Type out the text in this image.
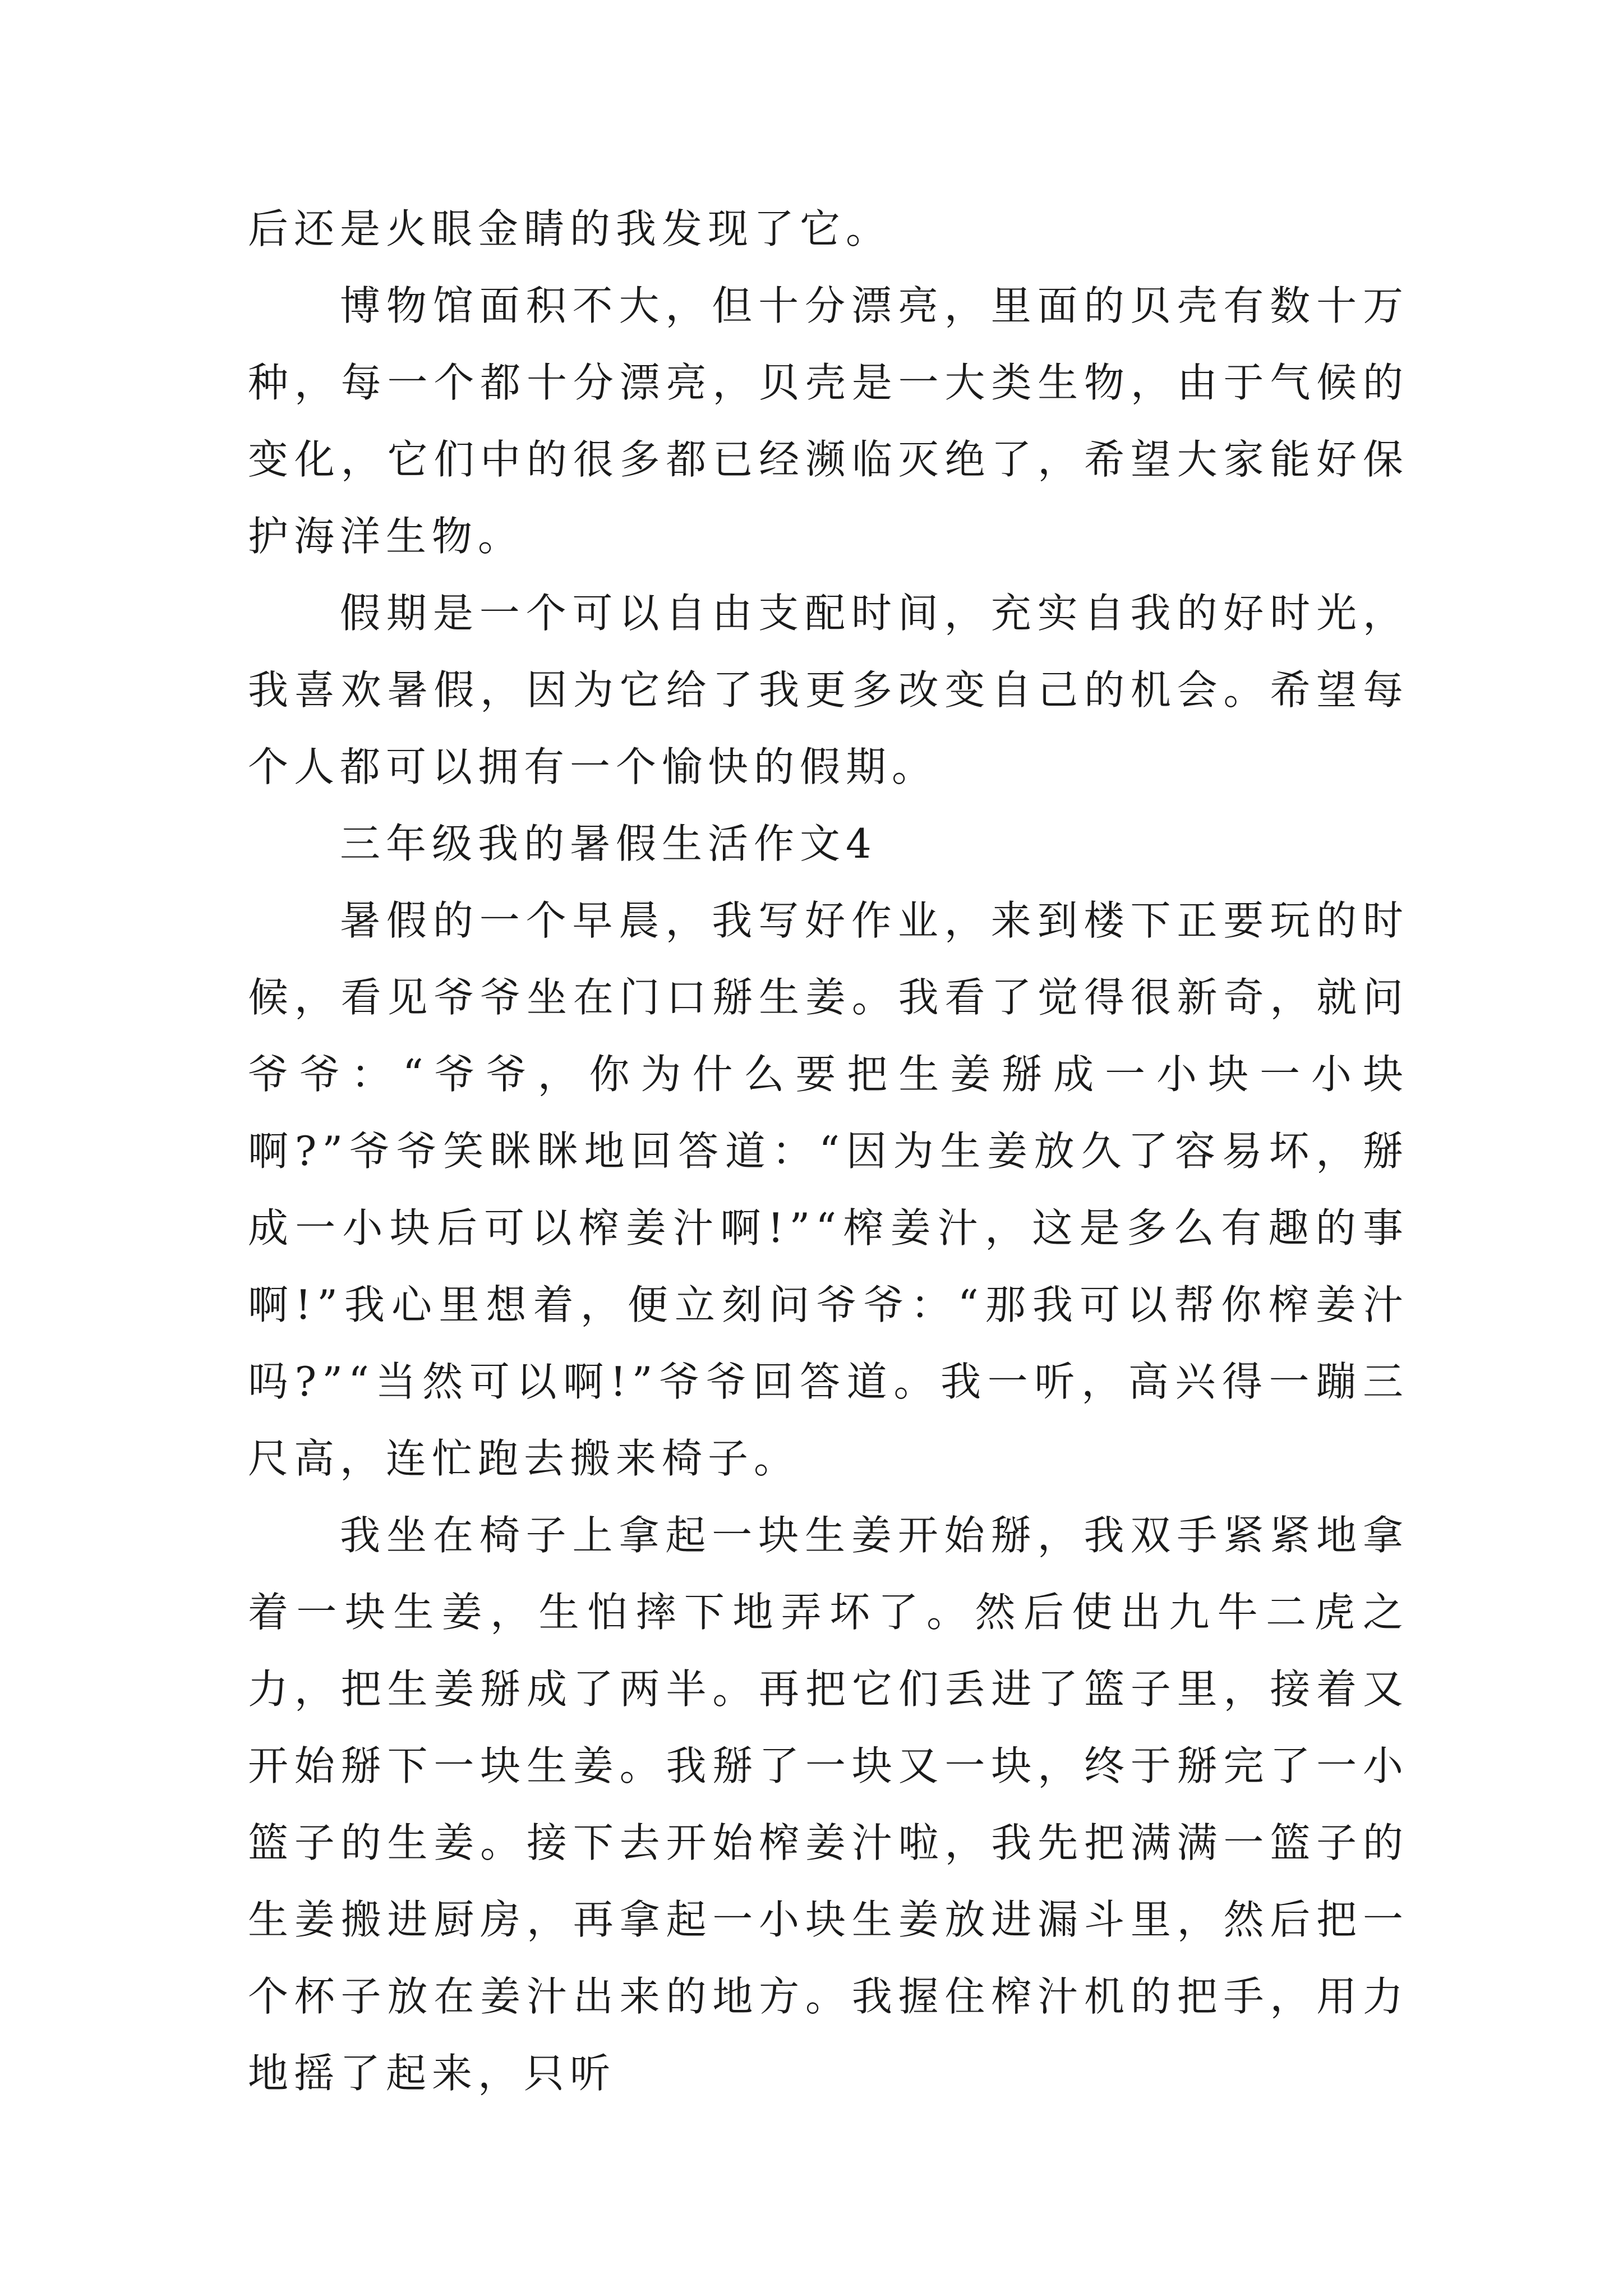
后还是火眼金睛的我发现了它。

博物馆面积不大，但十分漂亮，里面的贝壳有数十万种，每一个都十分漂亮，贝壳是一大类生物，由于气候的变化，它们中的很多都已经濒临灭绝了，希望大家能好保护海洋生物。

假期是一个可以自由支配时间，充实自我的好时光，我喜欢暑假，因为它给了我更多改变自己的机会。希望每个人都可以拥有一个愉快的假期。

三年级我的暑假生活作文4

暑假的一个早晨，我写好作业，来到楼下正要玩的时候，看见爷爷坐在门口掰生姜。我看了觉得很新奇，就问爷爷：“爷爷，你为什么要把生姜掰成一小块一小块啊?”爷爷笑眯眯地回答道：“因为生姜放久了容易坏，掰成一小块后可以榨姜汁啊!”“榨姜汁，这是多么有趣的事啊!”我心里想着，便立刻问爷爷：“那我可以帮你榨姜汁吗?”“当然可以啊!”爷爷回答道。我一听，高兴得一蹦三尺高，连忙跑去搬来椅子。

我坐在椅子上拿起一块生姜开始掰，我双手紧紧地拿着一块生姜，生怕摔下地弄坏了。然后使出九牛二虎之力，把生姜掰成了两半。再把它们丢进了篮子里，接着又开始掰下一块生姜。我掰了一块又一块，终于掰完了一小篮子的生姜。接下去开始榨姜汁啦，我先把满满一篮子的生姜搬进厨房，再拿起一小块生姜放进漏斗里，然后把一个杯子放在姜汁出来的地方。我握住榨汁机的把手，用力地摇了起来，只听
